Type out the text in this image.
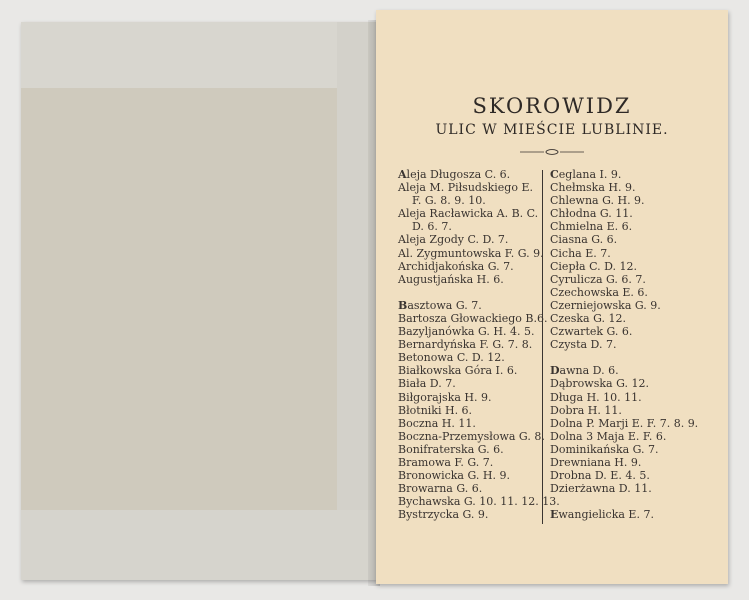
SKOROWIDZ
ULIC W MIEŚCIE LUBLINIE.
Aleja Długosza C. 6.
Aleja M. Piłsudskiego E.
F. G. 8. 9. 10.
Aleja Racławicka A. B. C.
D. 6. 7.
Aleja Zgody C. D. 7.
Al. Zygmuntowska F. G. 9.
Archidjakońska G. 7.
Augustjańska H. 6.
Basztowa G. 7.
Bartosza Głowackiego B.6.
Bazyljanówka G. H. 4. 5.
Bernardyńska F. G. 7. 8.
Betonowa C. D. 12.
Białkowska Góra I. 6.
Biała D. 7.
Biłgorajska H. 9.
Błotniki H. 6.
Boczna H. 11.
Boczna-Przemysłowa G. 8.
Bonifraterska G. 6.
Bramowa F. G. 7.
Bronowicka G. H. 9.
Browarna G. 6.
Bychawska G. 10. 11. 12. 13.
Bystrzycka G. 9.
Ceglana I. 9.
Chełmska H. 9.
Chlewna G. H. 9.
Chłodna G. 11.
Chmielna E. 6.
Ciasna G. 6.
Cicha E. 7.
Ciepła C. D. 12.
Cyrulicza G. 6. 7.
Czechowska E. 6.
Czerniejowska G. 9.
Czeska G. 12.
Czwartek G. 6.
Czysta D. 7.
Dawna D. 6.
Dąbrowska G. 12.
Długa H. 10. 11.
Dobra H. 11.
Dolna P. Marji E. F. 7. 8. 9.
Dolna 3 Maja E. F. 6.
Dominikańska G. 7.
Drewniana H. 9.
Drobna D. E. 4. 5.
Dzierżawna D. 11.
Ewangielicka E. 7.
